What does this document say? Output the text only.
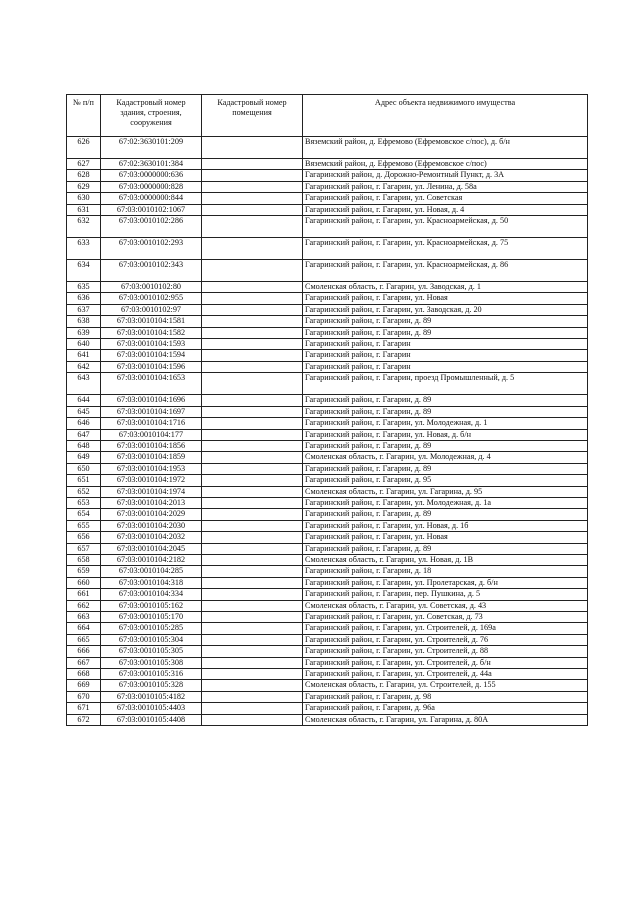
№ п/п	Кадастровый номер здания, строения, сооружения	Кадастровый номер помещения	Адрес объекта недвижимого имущества
626	67:02:3630101:209		Вяземский район, д. Ефремово (Ефремовское с/пос), д. б/н
627	67:02:3630101:384		Вяземский район, д. Ефремово (Ефремовское с/пос)
628	67:03:0000000:636		Гагаринский район, д. Дорожно-Ремонтный Пункт, д. 3А
629	67:03:0000000:828		Гагаринский район, г. Гагарин, ул. Ленина, д. 58а
630	67:03:0000000:844		Гагаринский район, г. Гагарин, ул. Советская
631	67:03:0010102:1067		Гагаринский район, г. Гагарин, ул. Новая, д. 4
632	67:03:0010102:286		Гагаринский район, г. Гагарин, ул. Красноармейская, д. 50
633	67:03:0010102:293		Гагаринский район, г. Гагарин, ул. Красноармейская, д. 75
634	67:03:0010102:343		Гагаринский район, г. Гагарин, ул. Красноармейская, д. 86
635	67:03:0010102:80		Смоленская область, г. Гагарин, ул. Заводская, д. 1
636	67:03:0010102:955		Гагаринский район, г. Гагарин, ул. Новая
637	67:03:0010102:97		Гагаринский район, г. Гагарин, ул. Заводская, д. 20
638	67:03:0010104:1581		Гагаринский район, г. Гагарин, д. 89
639	67:03:0010104:1582		Гагаринский район, г. Гагарин, д. 89
640	67:03:0010104:1593		Гагаринский район, г. Гагарин
641	67:03:0010104:1594		Гагаринский район, г. Гагарин
642	67:03:0010104:1596		Гагаринский район, г. Гагарин
643	67:03:0010104:1653		Гагаринский район, г. Гагарин, проезд Промышленный, д. 5
644	67:03:0010104:1696		Гагаринский район, г. Гагарин, д. 89
645	67:03:0010104:1697		Гагаринский район, г. Гагарин, д. 89
646	67:03:0010104:1716		Гагаринский район, г. Гагарин, ул. Молодежная, д. 1
647	67:03:0010104:177		Гагаринский район, г. Гагарин, ул. Новая, д. б/н
648	67:03:0010104:1856		Гагаринский район, г. Гагарин, д. 89
649	67:03:0010104:1859		Смоленская область, г. Гагарин, ул. Молодежная, д. 4
650	67:03:0010104:1953		Гагаринский район, г. Гагарин, д. 89
651	67:03:0010104:1972		Гагаринский район, г. Гагарин, д. 95
652	67:03:0010104:1974		Смоленская область, г. Гагарин, ул. Гагарина, д. 95
653	67:03:0010104:2013		Гагаринский район, г. Гагарин, ул. Молодежная, д. 1а
654	67:03:0010104:2029		Гагаринский район, г. Гагарин, д. 89
655	67:03:0010104:2030		Гагаринский район, г. Гагарин, ул. Новая, д. 1б
656	67:03:0010104:2032		Гагаринский район, г. Гагарин, ул. Новая
657	67:03:0010104:2045		Гагаринский район, г. Гагарин, д. 89
658	67:03:0010104:2182		Смоленская область, г. Гагарин, ул. Новая, д. 1В
659	67:03:0010104:285		Гагаринский район, г. Гагарин, д. 18
660	67:03:0010104:318		Гагаринский район, г. Гагарин, ул. Пролетарская, д. б/н
661	67:03:0010104:334		Гагаринский район, г. Гагарин, пер. Пушкина, д. 5
662	67:03:0010105:162		Смоленская область, г. Гагарин, ул. Советская, д. 43
663	67:03:0010105:170		Гагаринский район, г. Гагарин, ул. Советская, д. 73
664	67:03:0010105:285		Гагаринский район, г. Гагарин, ул. Строителей, д. 169а
665	67:03:0010105:304		Гагаринский район, г. Гагарин, ул. Строителей, д. 76
666	67:03:0010105:305		Гагаринский район, г. Гагарин, ул. Строителей, д. 88
667	67:03:0010105:308		Гагаринский район, г. Гагарин, ул. Строителей, д. б/н
668	67:03:0010105:316		Гагаринский район, г. Гагарин, ул. Строителей, д. 44а
669	67:03:0010105:328		Смоленская область, г. Гагарин, ул. Строителей, д. 155
670	67:03:0010105:4182		Гагаринский район, г. Гагарин, д. 98
671	67:03:0010105:4403		Гагаринский район, г. Гагарин, д. 96а
672	67:03:0010105:4408		Смоленская область, г. Гагарин, ул. Гагарина, д. 80А
